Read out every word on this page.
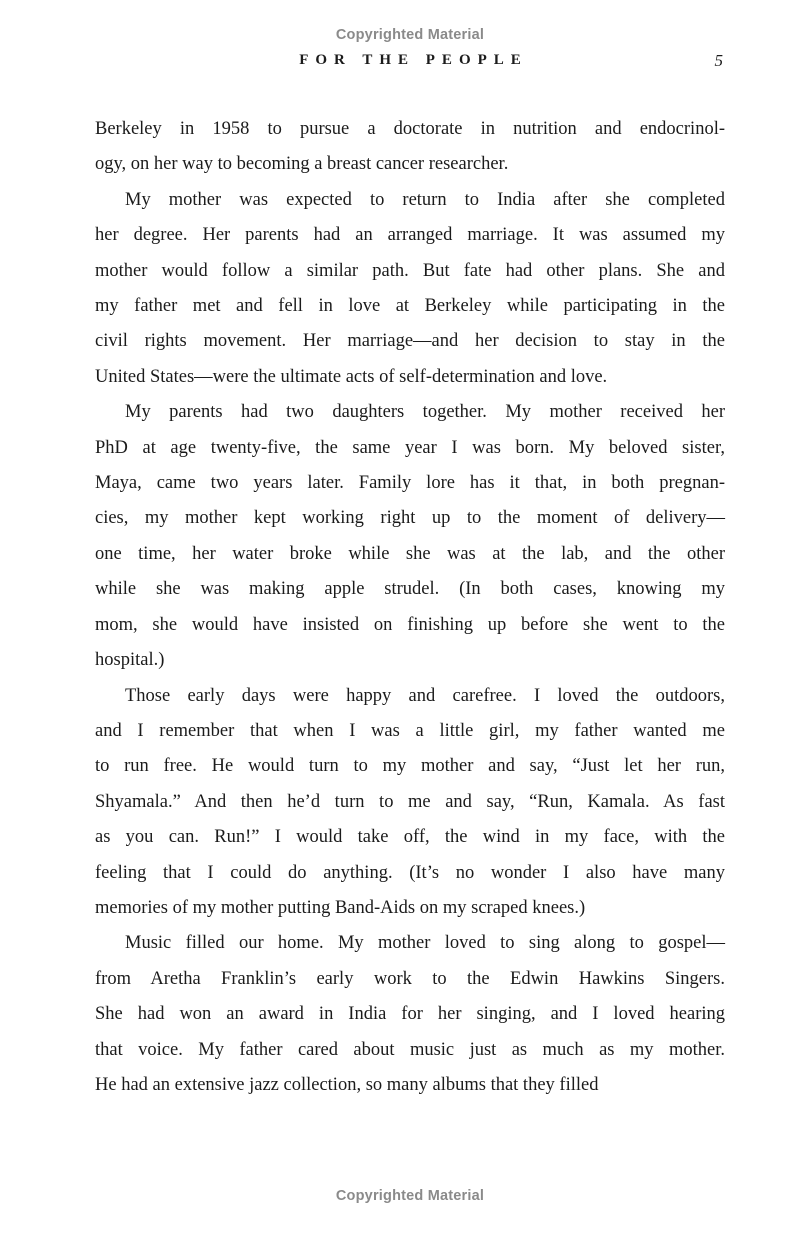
Copyrighted Material
FOR THE PEOPLE	5
Berkeley in 1958 to pursue a doctorate in nutrition and endocrinol-
ogy, on her way to becoming a breast cancer researcher.
My mother was expected to return to India after she completed
her degree. Her parents had an arranged marriage. It was assumed my
mother would follow a similar path. But fate had other plans. She and
my father met and fell in love at Berkeley while participating in the
civil rights movement. Her marriage—and her decision to stay in the
United States—were the ultimate acts of self-determination and love.
My parents had two daughters together. My mother received her
PhD at age twenty-five, the same year I was born. My beloved sister,
Maya, came two years later. Family lore has it that, in both pregnan-
cies, my mother kept working right up to the moment of delivery—
one time, her water broke while she was at the lab, and the other
while she was making apple strudel. (In both cases, knowing my
mom, she would have insisted on finishing up before she went to the
hospital.)
Those early days were happy and carefree. I loved the outdoors,
and I remember that when I was a little girl, my father wanted me
to run free. He would turn to my mother and say, “Just let her run,
Shyamala.” And then he’d turn to me and say, “Run, Kamala. As fast
as you can. Run!” I would take off, the wind in my face, with the
feeling that I could do anything. (It’s no wonder I also have many
memories of my mother putting Band-Aids on my scraped knees.)
Music filled our home. My mother loved to sing along to gospel—
from Aretha Franklin’s early work to the Edwin Hawkins Singers.
She had won an award in India for her singing, and I loved hearing
that voice. My father cared about music just as much as my mother.
He had an extensive jazz collection, so many albums that they filled
Copyrighted Material
